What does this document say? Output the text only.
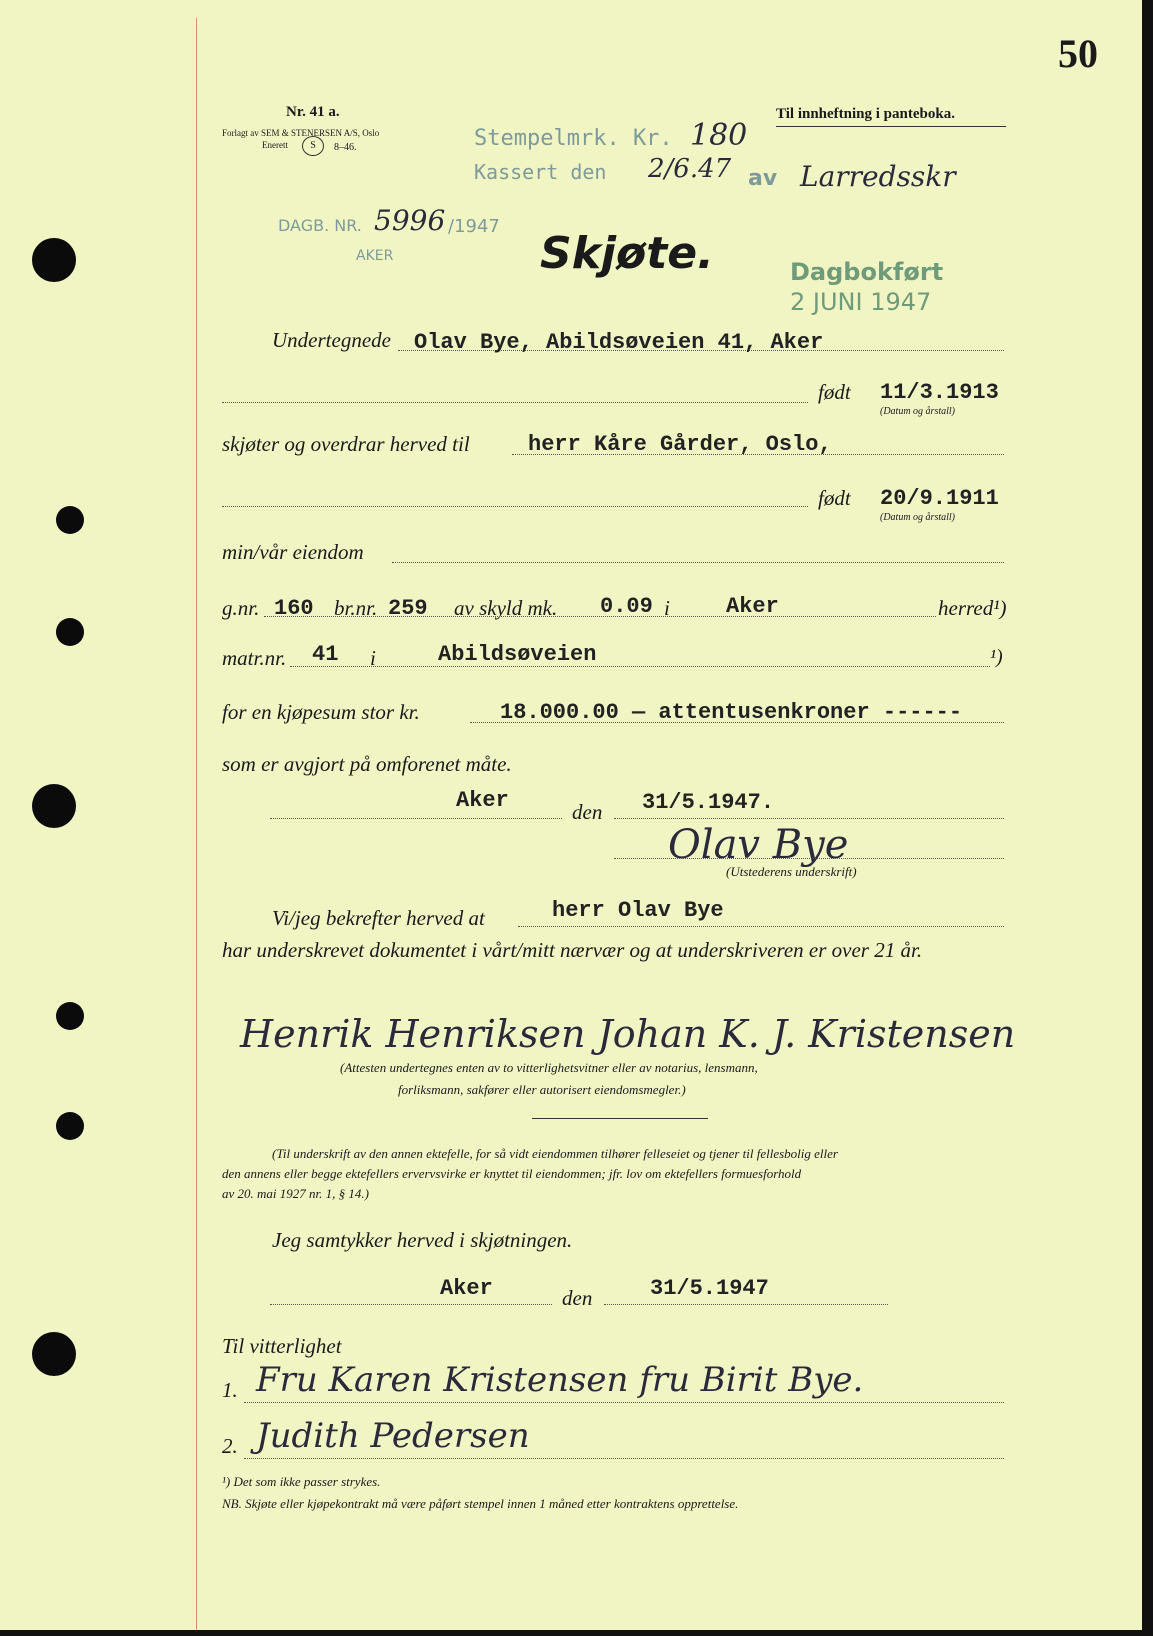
50
Nr. 41 a.
Forlagt av SEM & STENERSEN A/S, Oslo
Enerett	S	8–46.
Til innheftning i panteboka.
Stempelmrk. Kr. 180
Kassert den 2/6.47 av Larredsskr
DAGB. NR. 5996 /1947
AKER	Skjøte.	Dagbokført
2 JUNI 1947
Undertegnede Olav Bye, Abildsøveien 41, Aker
født 11/3.1913
(Datum og årstall)
skjøter og overdrar herved til	herr Kåre Gårder, Oslo,
født 20/9.1911
(Datum og årstall)
min/vår eiendom
g.nr. 160 br.nr. 259 av skyld mk. 0.09 i	Aker	herred¹)
matr.nr. 41 i	Abildsøveien	¹)
for en kjøpesum stor kr.	18.000.00 — attentusenkroner ------
som er avgjort på omforenet måte.
Aker	den 31/5.1947.
Olav Bye
(Utstederens underskrift)
Vi/jeg bekrefter herved at	herr Olav Bye
har underskrevet dokumentet i vårt/mitt nærvær og at underskriveren er over 21 år.
Henrik Henriksen Johan K. J. Kristensen
(Attesten undertegnes enten av to vitterlighetsvitner eller av notarius, lensmann,
forliksmann, sakfører eller autorisert eiendomsmegler.)
(Til underskrift av den annen ektefelle, for så vidt eiendommen tilhører felleseiet og tjener til fellesbolig eller
den annens eller begge ektefellers ervervsvirke er knyttet til eiendommen; jfr. lov om ektefellers formuesforhold
av 20. mai 1927 nr. 1, § 14.)
Jeg samtykker herved i skjøtningen.
Aker	den	31/5.1947
Til vitterlighet
1. Fru Karen Kristensen fru Birit Bye.
2. Judith Pedersen
¹) Det som ikke passer strykes.
NB. Skjøte eller kjøpekontrakt må være påført stempel innen 1 måned etter kontraktens opprettelse.
